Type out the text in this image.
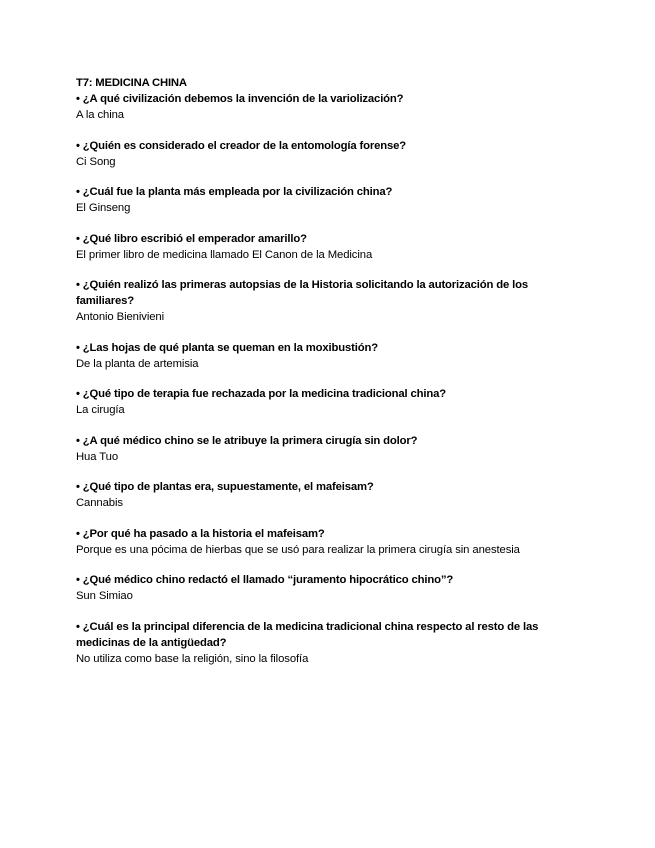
T7: MEDICINA CHINA
• ¿A qué civilización debemos la invención de la variolización?
A la china
• ¿Quién es considerado el creador de la entomología forense?
Ci Song
• ¿Cuál fue la planta más empleada por la civilización china?
El Ginseng
• ¿Qué libro escribió el emperador amarillo?
El primer libro de medicina llamado El Canon de la Medicina
• ¿Quién realizó las primeras autopsias de la Historia solicitando la autorización de los familiares?
Antonio Bienivieni
• ¿Las hojas de qué planta se queman en la moxibustión?
De la planta de artemisia
• ¿Qué tipo de terapia fue rechazada por la medicina tradicional china?
La cirugía
• ¿A qué médico chino se le atribuye la primera cirugía sin dolor?
Hua Tuo
• ¿Qué tipo de plantas era, supuestamente, el mafeisam?
Cannabis
• ¿Por qué ha pasado a la historia el mafeisam?
Porque es una pócima de hierbas que se usó para realizar la primera cirugía sin anestesia
• ¿Qué médico chino redactó el llamado “juramento hipocrático chino”?
Sun Simiao
• ¿Cuál es la principal diferencia de la medicina tradicional china respecto al resto de las medicinas de la antigüedad?
No utiliza como base la religión, sino la filosofía
